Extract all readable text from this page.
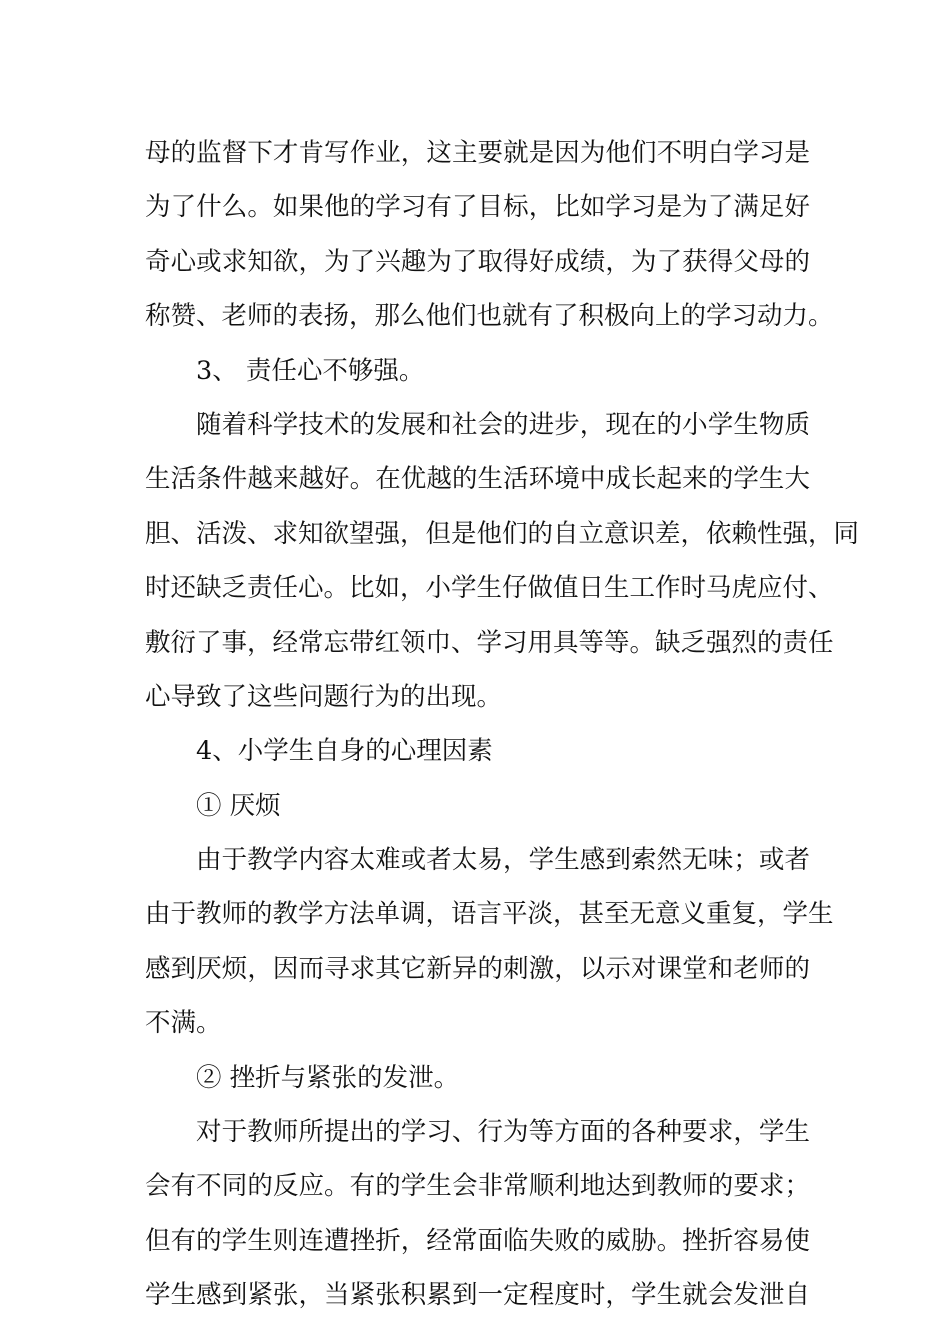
母的监督下才肯写作业，这主要就是因为他们不明白学习是
为了什么。如果他的学习有了目标，比如学习是为了满足好
奇心或求知欲，为了兴趣为了取得好成绩，为了获得父母的
称赞、老师的表扬，那么他们也就有了积极向上的学习动力。
3、 责任心不够强。
随着科学技术的发展和社会的进步，现在的小学生物质
生活条件越来越好。在优越的生活环境中成长起来的学生大
胆、活泼、求知欲望强，但是他们的自立意识差，依赖性强，同
时还缺乏责任心。比如，小学生仔做值日生工作时马虎应付、
敷衍了事，经常忘带红领巾、学习用具等等。缺乏强烈的责任
心导致了这些问题行为的出现。
4、小学生自身的心理因素
① 厌烦
由于教学内容太难或者太易，学生感到索然无味；或者
由于教师的教学方法单调，语言平淡，甚至无意义重复，学生
感到厌烦，因而寻求其它新异的刺激，以示对课堂和老师的
不满。
② 挫折与紧张的发泄。
对于教师所提出的学习、行为等方面的各种要求，学生
会有不同的反应。有的学生会非常顺利地达到教师的要求；
但有的学生则连遭挫折，经常面临失败的威胁。挫折容易使
学生感到紧张，当紧张积累到一定程度时，学生就会发泄自
